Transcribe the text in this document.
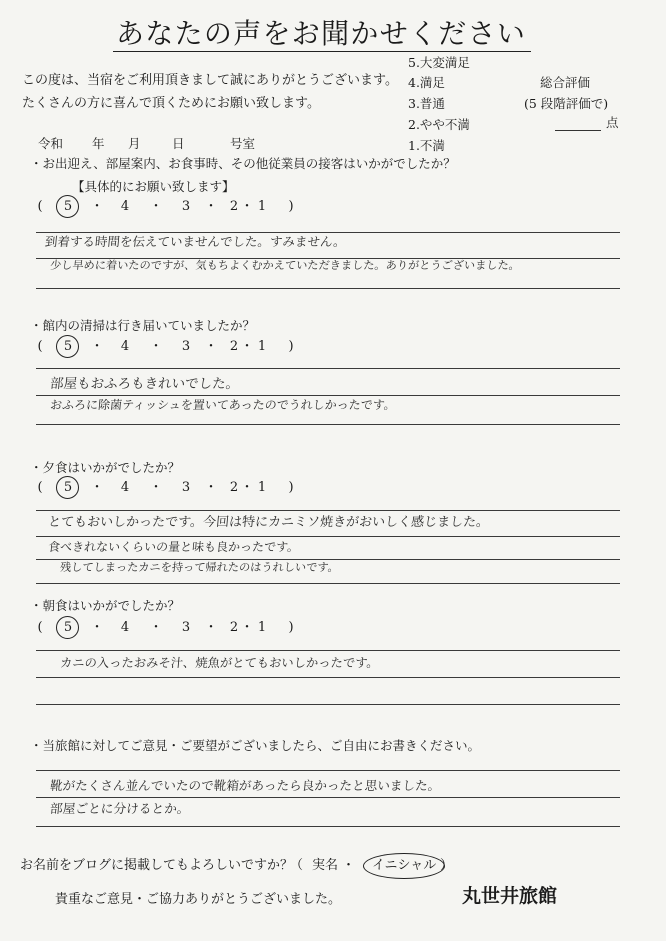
あなたの声をお聞かせください
この度は、当宿をご利用頂きまして誠にありがとうございます。
たくさんの方に喜んで頂くためにお願い致します。
5.大変満足
4.満足
3.普通
2.やや不満
1.不満
総合評価
(5 段階評価で)
点
令和 年 月	日	号室
・お出迎え、部屋案内、お食事時、その他従業員の接客はいかがでしたか？
【具体的にお願い致します】
(	5 ・ 4 ・ 3 ・ 2 ・ 1	)
到着する時間を伝えていませんでした。すみません。
少し早めに着いたのですが、気もちよくむかえていただきました。ありがとうございました。
・館内の清掃は行き届いていましたか？
(	5 ・ 4 ・ 3 ・ 2 ・ 1	)
部屋もおふろもきれいでした。
おふろに除菌ティッシュを置いてあったのでうれしかったです。
・夕食はいかがでしたか？
(	5 ・ 4 ・ 3 ・ 2 ・ 1	)
とてもおいしかったです。今回は特にカニミソ焼きがおいしく感じました。
食べきれないくらいの量と味も良かったです。
残してしまったカニを持って帰れたのはうれしいです。
・朝食はいかがでしたか？
(	5 ・ 4 ・ 3 ・ 2 ・ 1	)
カニの入ったおみそ汁、焼魚がとてもおいしかったです。
・当旅館に対してご意見・ご要望がございましたら、ご自由にお書きください。
靴がたくさん並んでいたので靴箱があったら良かったと思いました。
部屋ごとに分けるとか。
お名前をブログに掲載してもよろしいですか？
（ 実名 ・ イニシャル ）
貴重なご意見・ご協力ありがとうございました。	丸世井旅館
